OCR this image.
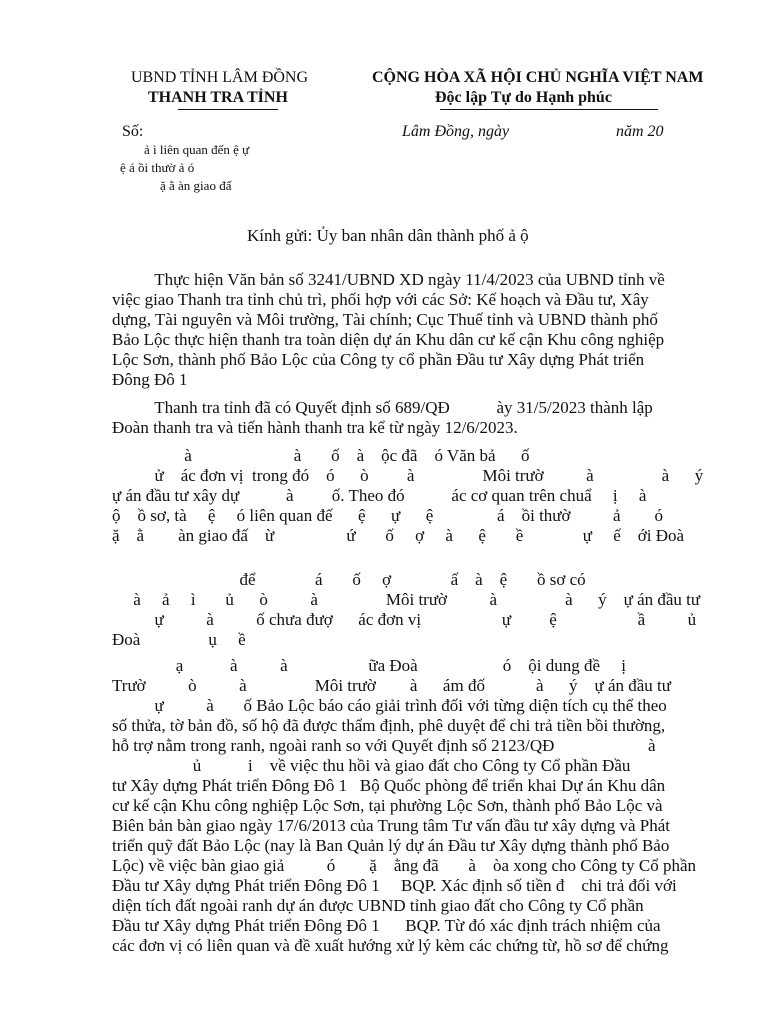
UBND TỈNH LÂM ĐỒNG
THANH TRA TỈNH
CỘNG HÒA XÃ HỘI CHỦ NGHĨA VIỆT NAM
Độc lập Tự do Hạnh phúc
Số:
ả ì liên quan đến ệ ự
ệ á ồi thườ ả ó
ặ ằ àn giao đấ
Lâm Đồng, ngày	năm 20
Kính gửi: Ủy ban nhân dân thành phố ả ộ
Thực hiện Văn bản số 3241/UBND XD ngày 11/4/2023 của UBND tỉnh về
việc giao Thanh tra tỉnh chủ trì, phối hợp với các Sở: Kế hoạch và Đầu tư, Xây
dựng, Tài nguyên và Môi trường, Tài chính; Cục Thuế tỉnh và UBND thành phố
Bảo Lộc thực hiện thanh tra toàn diện dự án Khu dân cư kế cận Khu công nghiệp
Lộc Sơn, thành phố Bảo Lộc của Công ty cổ phần Đầu tư Xây dựng Phát triển
Đông Đô 1
Thanh tra tỉnh đã có Quyết định số 689/QĐ           ày 31/5/2023 thành lập
Đoàn thanh tra và tiến hành thanh tra kể từ ngày 12/6/2023.
à                        à       ố    à    ộc đã    ó Văn bả      ố
ử    ác đơn vị  trong đó    ó      ò         à                Môi trườ          à                à      ý
ự án đầu tư xây dự           à         ố. Theo đó           ác cơ quan trên chuẩ     ị     à
ộ    ồ sơ, tà     ệ     ó liên quan đế      ệ      ự      ệ               á    ồi thườ          ả        ó
ặ    ằ        àn giao đấ    ừ                 ứ       ố     ợ     à      ệ       ề              ự     ế    ới Đoà
để              á       ố     ợ              ấ    à    ệ       ồ sơ có
à     ả     ì       ủ      ò          à                Môi trườ          à                à      ý    ự án đầu tư
ự          à          ố chưa đượ      ác đơn vị                   ự         ệ                   ầ          ủ
Đoà                ụ     ề
ạ           à          à                   ữa Đoà                    ó    ội dung đề     ị
Trườ          ò          à                Môi trườ        à      ám đố            à      ý    ự án đầu tư
ự          à       ố Bảo Lộc báo cáo giải trình đối với từng diện tích cụ thể theo
số thửa, tờ bản đồ, số hộ đã được thẩm định, phê duyệt để chi trả tiền bồi thường,
hỗ trợ nằm trong ranh, ngoài ranh so với Quyết định số 2123/QĐ                      à
ủ           i    về việc thu hồi và giao đất cho Công ty Cổ phần Đầu
tư Xây dựng Phát triển Đông Đô 1   Bộ Quốc phòng để triển khai Dự án Khu dân
cư kế cận Khu công nghiệp Lộc Sơn, tại phường Lộc Sơn, thành phố Bảo Lộc và
Biên bản bàn giao ngày 17/6/2013 của Trung tâm Tư vấn đầu tư xây dựng và Phát
triển quỹ đất Bảo Lộc (nay là Ban Quản lý dự án Đầu tư Xây dựng thành phố Bảo
Lộc) về việc bàn giao giả          ó        ặ    ằng đã       à    òa xong cho Công ty Cổ phần
Đầu tư Xây dựng Phát triển Đông Đô 1     BQP. Xác định số tiền đ    chi trả đối với
diện tích đất ngoài ranh dự án được UBND tỉnh giao đất cho Công ty Cổ phần
Đầu tư Xây dựng Phát triển Đông Đô 1      BQP. Từ đó xác định trách nhiệm của
các đơn vị có liên quan và đề xuất hướng xử lý kèm các chứng từ, hồ sơ để chứng
